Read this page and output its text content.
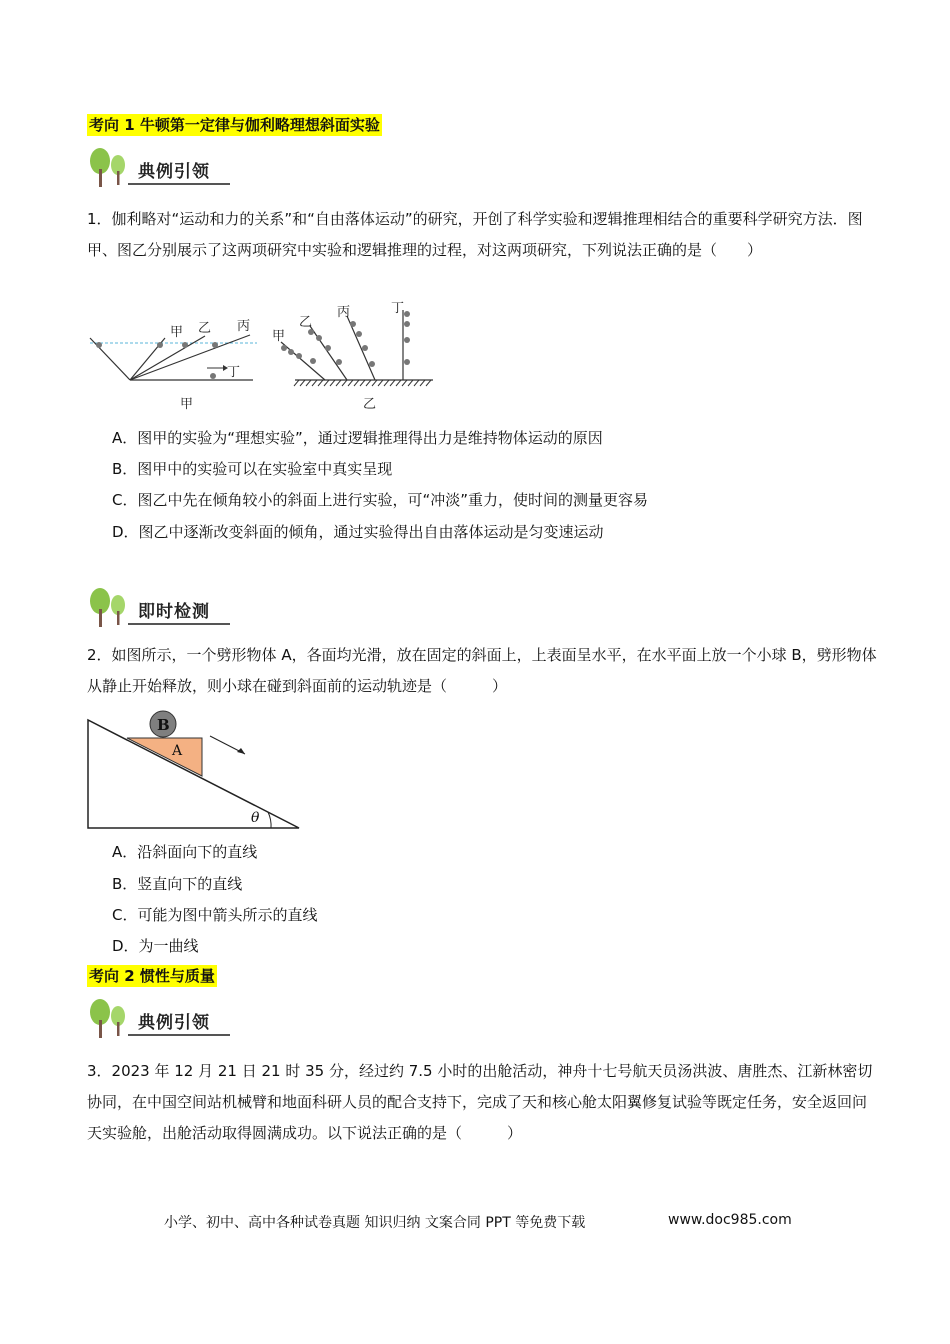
考向 1 牛顿第一定律与伽利略理想斜面实验
典例引领
1．伽利略对“运动和力的关系”和“自由落体运动”的研究，开创了科学实验和逻辑推理相结合的重要科学研究方法．图甲、图乙分别展示了这两项研究中实验和逻辑推理的过程，对这两项研究，下列说法正确的是（　　）
甲 乙 丙
丁
甲
甲
乙
丙	丁
乙
A．图甲的实验为“理想实验”，通过逻辑推理得出力是维持物体运动的原因
B．图甲中的实验可以在实验室中真实呈现
C．图乙中先在倾角较小的斜面上进行实验，可“冲淡”重力，使时间的测量更容易
D．图乙中逐渐改变斜面的倾角，通过实验得出自由落体运动是匀变速运动
即时检测
2．如图所示，一个劈形物体 A，各面均光滑，放在固定的斜面上，上表面呈水平，在水平面上放一个小球 B，劈形物体从静止开始释放，则小球在碰到斜面前的运动轨迹是（　　　）
B
A
θ
A．沿斜面向下的直线
B．竖直向下的直线
C．可能为图中箭头所示的直线
D．为一曲线
考向 2 惯性与质量
典例引领
3．2023 年 12 月 21 日 21 时 35 分，经过约 7.5 小时的出舱活动，神舟十七号航天员汤洪波、唐胜杰、江新林密切协同，在中国空间站机械臂和地面科研人员的配合支持下，完成了天和核心舱太阳翼修复试验等既定任务，安全返回问天实验舱，出舱活动取得圆满成功。以下说法正确的是（　　　）
小学、初中、高中各种试卷真题 知识归纳 文案合同 PPT 等免费下载	www.doc985.com
